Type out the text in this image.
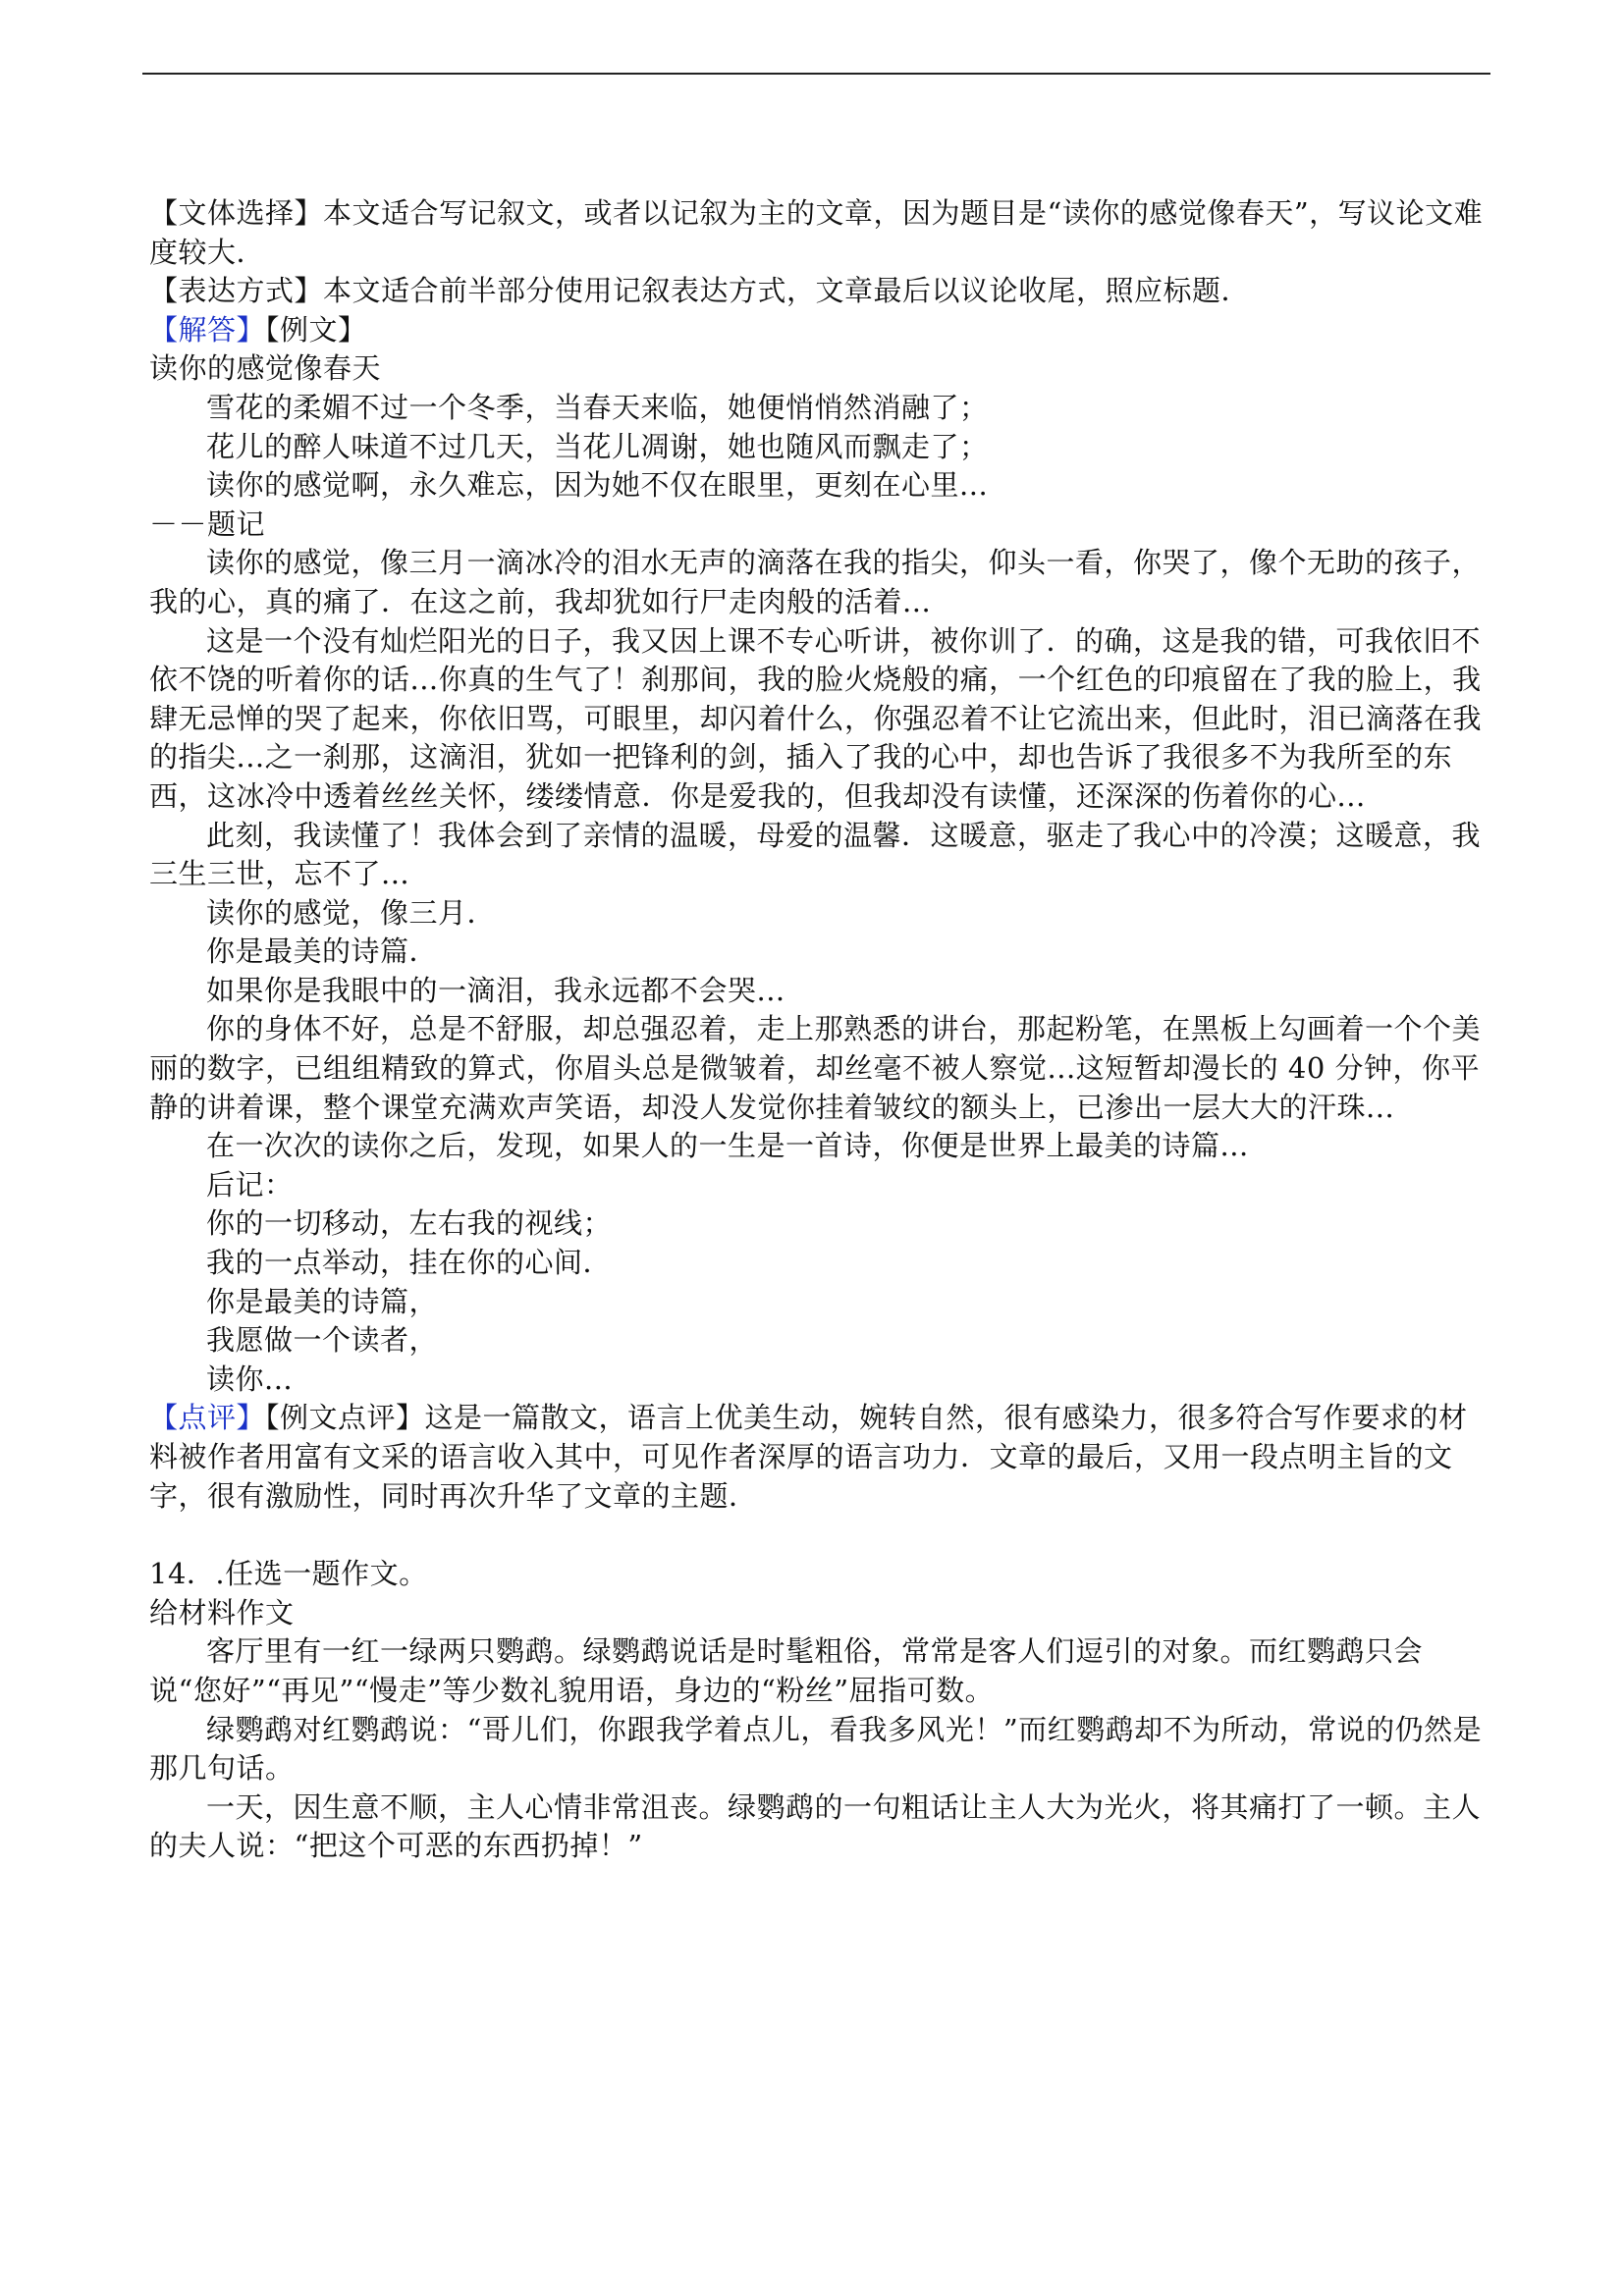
【文体选择】本文适合写记叙文，或者以记叙为主的文章，因为题目是“读你的感觉像春天”，写议论文难度较大．

【表达方式】本文适合前半部分使用记叙表达方式，文章最后以议论收尾，照应标题．

【解答】【例文】

读你的感觉像春天

雪花的柔媚不过一个冬季，当春天来临，她便悄悄然消融了；

花儿的醉人味道不过几天，当花儿凋谢，她也随风而飘走了；

读你的感觉啊，永久难忘，因为她不仅在眼里，更刻在心里...

－－题记

读你的感觉，像三月一滴冰冷的泪水无声的滴落在我的指尖，仰头一看，你哭了，像个无助的孩子，我的心，真的痛了．在这之前，我却犹如行尸走肉般的活着...

这是一个没有灿烂阳光的日子，我又因上课不专心听讲，被你训了．的确，这是我的错，可我依旧不依不饶的听着你的话...你真的生气了！刹那间，我的脸火烧般的痛，一个红色的印痕留在了我的脸上，我肆无忌惮的哭了起来，你依旧骂，可眼里，却闪着什么，你强忍着不让它流出来，但此时，泪已滴落在我的指尖...之一刹那，这滴泪，犹如一把锋利的剑，插入了我的心中，却也告诉了我很多不为我所至的东西，这冰冷中透着丝丝关怀，缕缕情意．你是爱我的，但我却没有读懂，还深深的伤着你的心...

此刻，我读懂了！我体会到了亲情的温暖，母爱的温馨．这暖意，驱走了我心中的冷漠；这暖意，我三生三世，忘不了...

读你的感觉，像三月．

你是最美的诗篇．

如果你是我眼中的一滴泪，我永远都不会哭...

你的身体不好，总是不舒服，却总强忍着，走上那熟悉的讲台，那起粉笔，在黑板上勾画着一个个美丽的数字，已组组精致的算式，你眉头总是微皱着，却丝毫不被人察觉...这短暂却漫长的 40 分钟，你平静的讲着课，整个课堂充满欢声笑语，却没人发觉你挂着皱纹的额头上，已渗出一层大大的汗珠...

在一次次的读你之后，发现，如果人的一生是一首诗，你便是世界上最美的诗篇...

后记：

你的一切移动，左右我的视线；

我的一点举动，挂在你的心间．

你是最美的诗篇，

我愿做一个读者，

读你...

【点评】【例文点评】这是一篇散文，语言上优美生动，婉转自然，很有感染力，很多符合写作要求的材料被作者用富有文采的语言收入其中，可见作者深厚的语言功力．文章的最后，又用一段点明主旨的文字，很有激励性，同时再次升华了文章的主题．

14．.任选一题作文。

给材料作文

客厅里有一红一绿两只鹦鹉。绿鹦鹉说话是时髦粗俗，常常是客人们逗引的对象。而红鹦鹉只会说“您好”“再见”“慢走”等少数礼貌用语，身边的“粉丝”屈指可数。

绿鹦鹉对红鹦鹉说：“哥儿们，你跟我学着点儿，看我多风光！”而红鹦鹉却不为所动，常说的仍然是那几句话。

一天，因生意不顺，主人心情非常沮丧。绿鹦鹉的一句粗话让主人大为光火，将其痛打了一顿。主人的夫人说：“把这个可恶的东西扔掉！”
